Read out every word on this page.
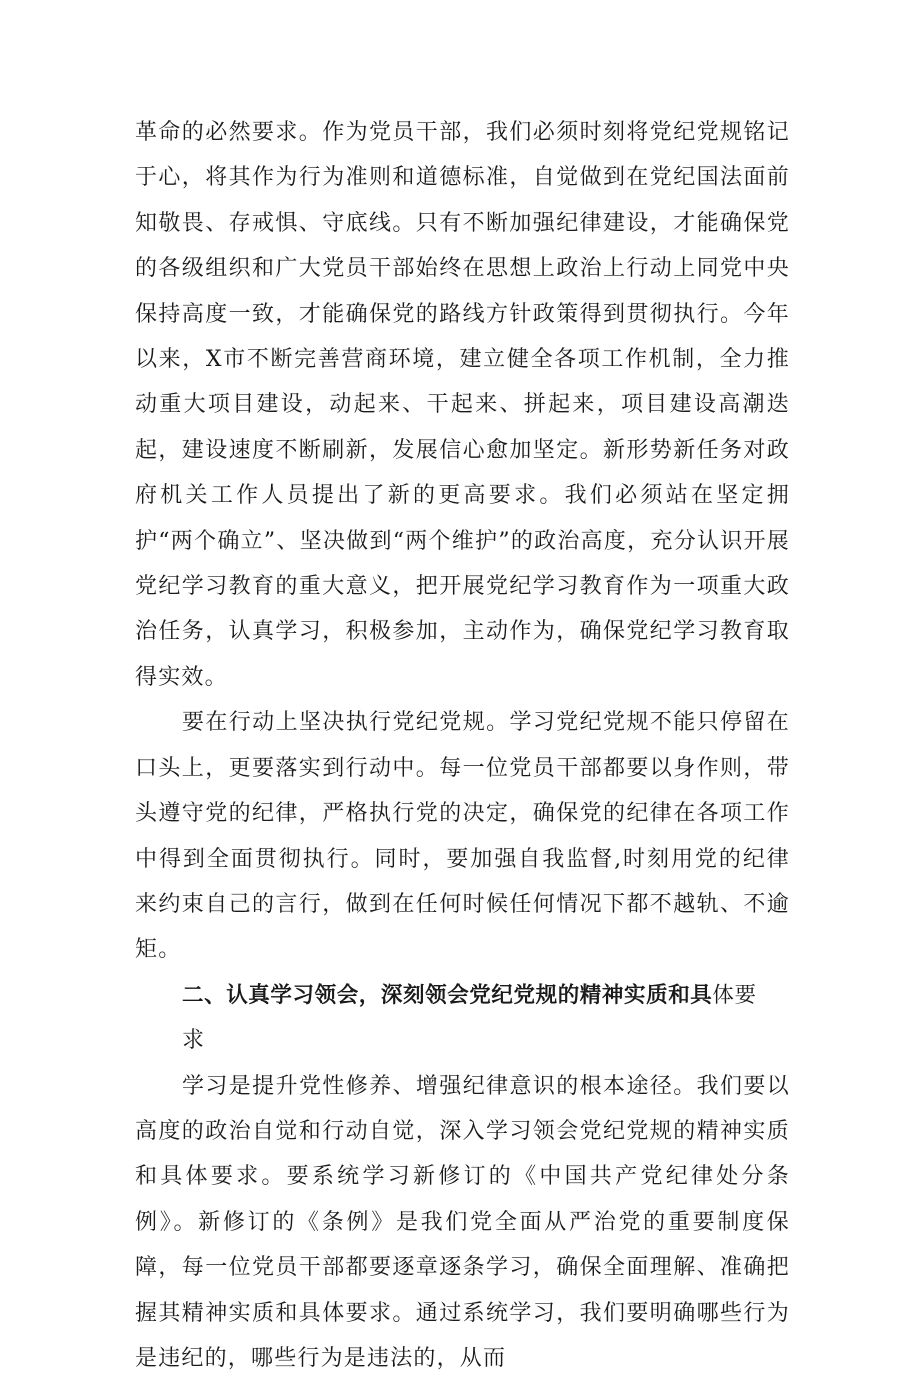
革命的必然要求。作为党员干部，我们必须时刻将党纪党规铭记于心，将其作为行为准则和道德标准，自觉做到在党纪国法面前知敬畏、存戒惧、守底线。只有不断加强纪律建设，才能确保党的各级组织和广大党员干部始终在思想上政治上行动上同党中央保持高度一致，才能确保党的路线方针政策得到贯彻执行。今年以来，X市不断完善营商环境，建立健全各项工作机制，全力推动重大项目建设，动起来、干起来、拼起来，项目建设高潮迭起，建设速度不断刷新，发展信心愈加坚定。新形势新任务对政府机关工作人员提出了新的更高要求。我们必须站在坚定拥护“两个确立”、坚决做到“两个维护”的政治高度，充分认识开展党纪学习教育的重大意义，把开展党纪学习教育作为一项重大政治任务，认真学习，积极参加，主动作为，确保党纪学习教育取得实效。

要在行动上坚决执行党纪党规。学习党纪党规不能只停留在口头上，更要落实到行动中。每一位党员干部都要以身作则，带头遵守党的纪律，严格执行党的决定，确保党的纪律在各项工作中得到全面贯彻执行。同时，要加强自我监督,时刻用党的纪律来约束自己的言行，做到在任何时候任何情况下都不越轨、不逾矩。

二、认真学习领会，深刻领会党纪党规的精神实质和具体要

求

学习是提升党性修养、增强纪律意识的根本途径。我们要以高度的政治自觉和行动自觉，深入学习领会党纪党规的精神实质和具体要求。要系统学习新修订的《中国共产党纪律处分条例》。新修订的《条例》是我们党全面从严治党的重要制度保障，每一位党员干部都要逐章逐条学习，确保全面理解、准确把握其精神实质和具体要求。通过系统学习，我们要明确哪些行为是违纪的，哪些行为是违法的，从而
